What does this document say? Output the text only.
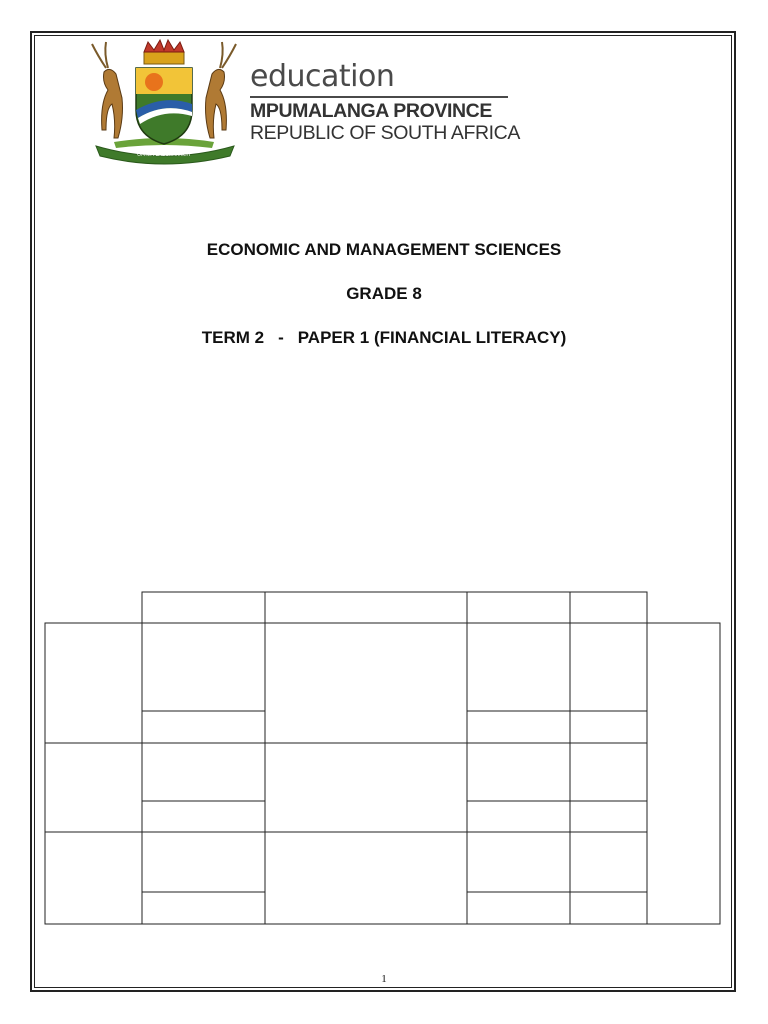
OMNIA LABOR VINCIT
education
MPUMALANGA PROVINCE
REPUBLIC OF SOUTH AFRICA
ECONOMIC AND MANAGEMENT SCIENCES
GRADE 8
TERM 2 - PAPER 1 (FINANCIAL LITERACY)
1
